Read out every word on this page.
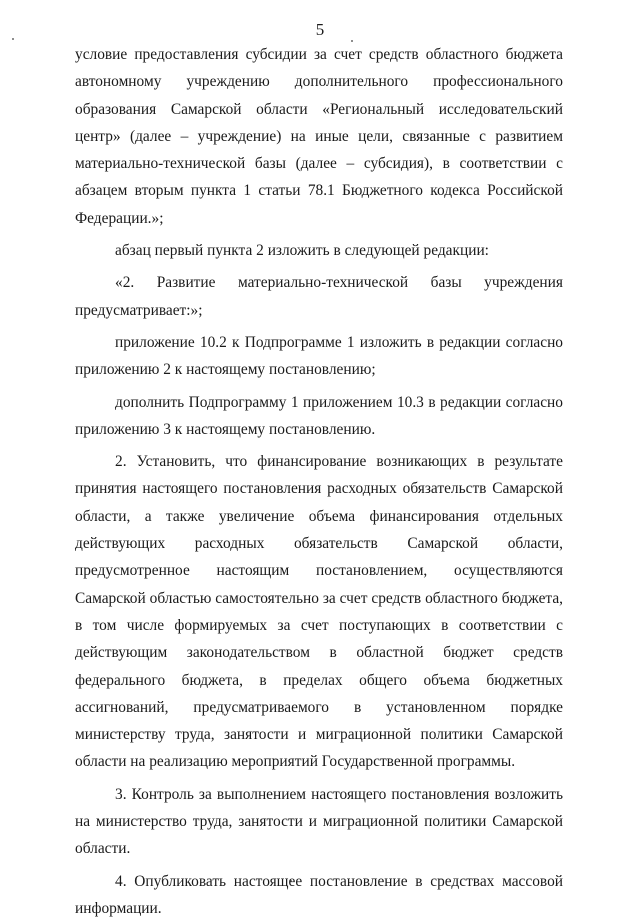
5

условие предоставления субсидии за счет средств областного бюджета автономному учреждению дополнительного профессионального образования Самарской области «Региональный исследовательский центр» (далее – учреждение) на иные цели, связанные с развитием материально-технической базы (далее – субсидия), в соответствии с абзацем вторым пункта 1 статьи 78.1 Бюджетного кодекса Российской Федерации.»;

абзац первый пункта 2 изложить в следующей редакции:

«2. Развитие материально-технической базы учреждения предусматривает:»;

приложение 10.2 к Подпрограмме 1 изложить в редакции согласно приложению 2 к настоящему постановлению;

дополнить Подпрограмму 1 приложением 10.3 в редакции согласно приложению 3 к настоящему постановлению.

2. Установить, что финансирование возникающих в результате принятия настоящего постановления расходных обязательств Самарской области, а также увеличение объема финансирования отдельных действующих расходных обязательств Самарской области, предусмотренное настоящим постановлением, осуществляются Самарской областью самостоятельно за счет средств областного бюджета, в том числе формируемых за счет поступающих в соответствии с действующим законодательством в областной бюджет средств федерального бюджета, в пределах общего объема бюджетных ассигнований, предусматриваемого в установленном порядке министерству труда, занятости и миграционной политики Самарской области на реализацию мероприятий Государственной программы.

3. Контроль за выполнением настоящего постановления возложить на министерство труда, занятости и миграционной политики Самарской области.

4. Опубликовать настоящее постановление в средствах массовой информации.
